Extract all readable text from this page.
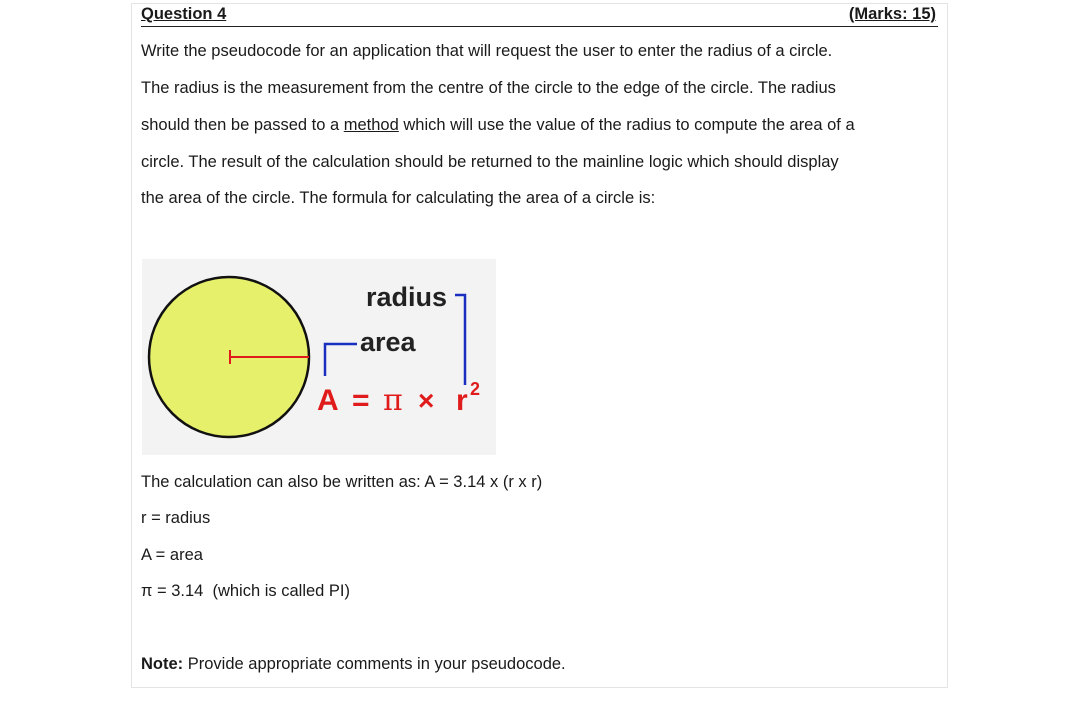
Question 4	(Marks: 15)
Write the pseudocode for an application that will request the user to enter the radius of a circle.
The radius is the measurement from the centre of the circle to the edge of the circle. The radius
should then be passed to a method which will use the value of the radius to compute the area of a
circle. The result of the calculation should be returned to the mainline logic which should display
the area of the circle. The formula for calculating the area of a circle is:
radius
area
A = π × r 2
The calculation can also be written as: A = 3.14 x (r x r)
r = radius
A = area
π = 3.14  (which is called PI)
Note: Provide appropriate comments in your pseudocode.
